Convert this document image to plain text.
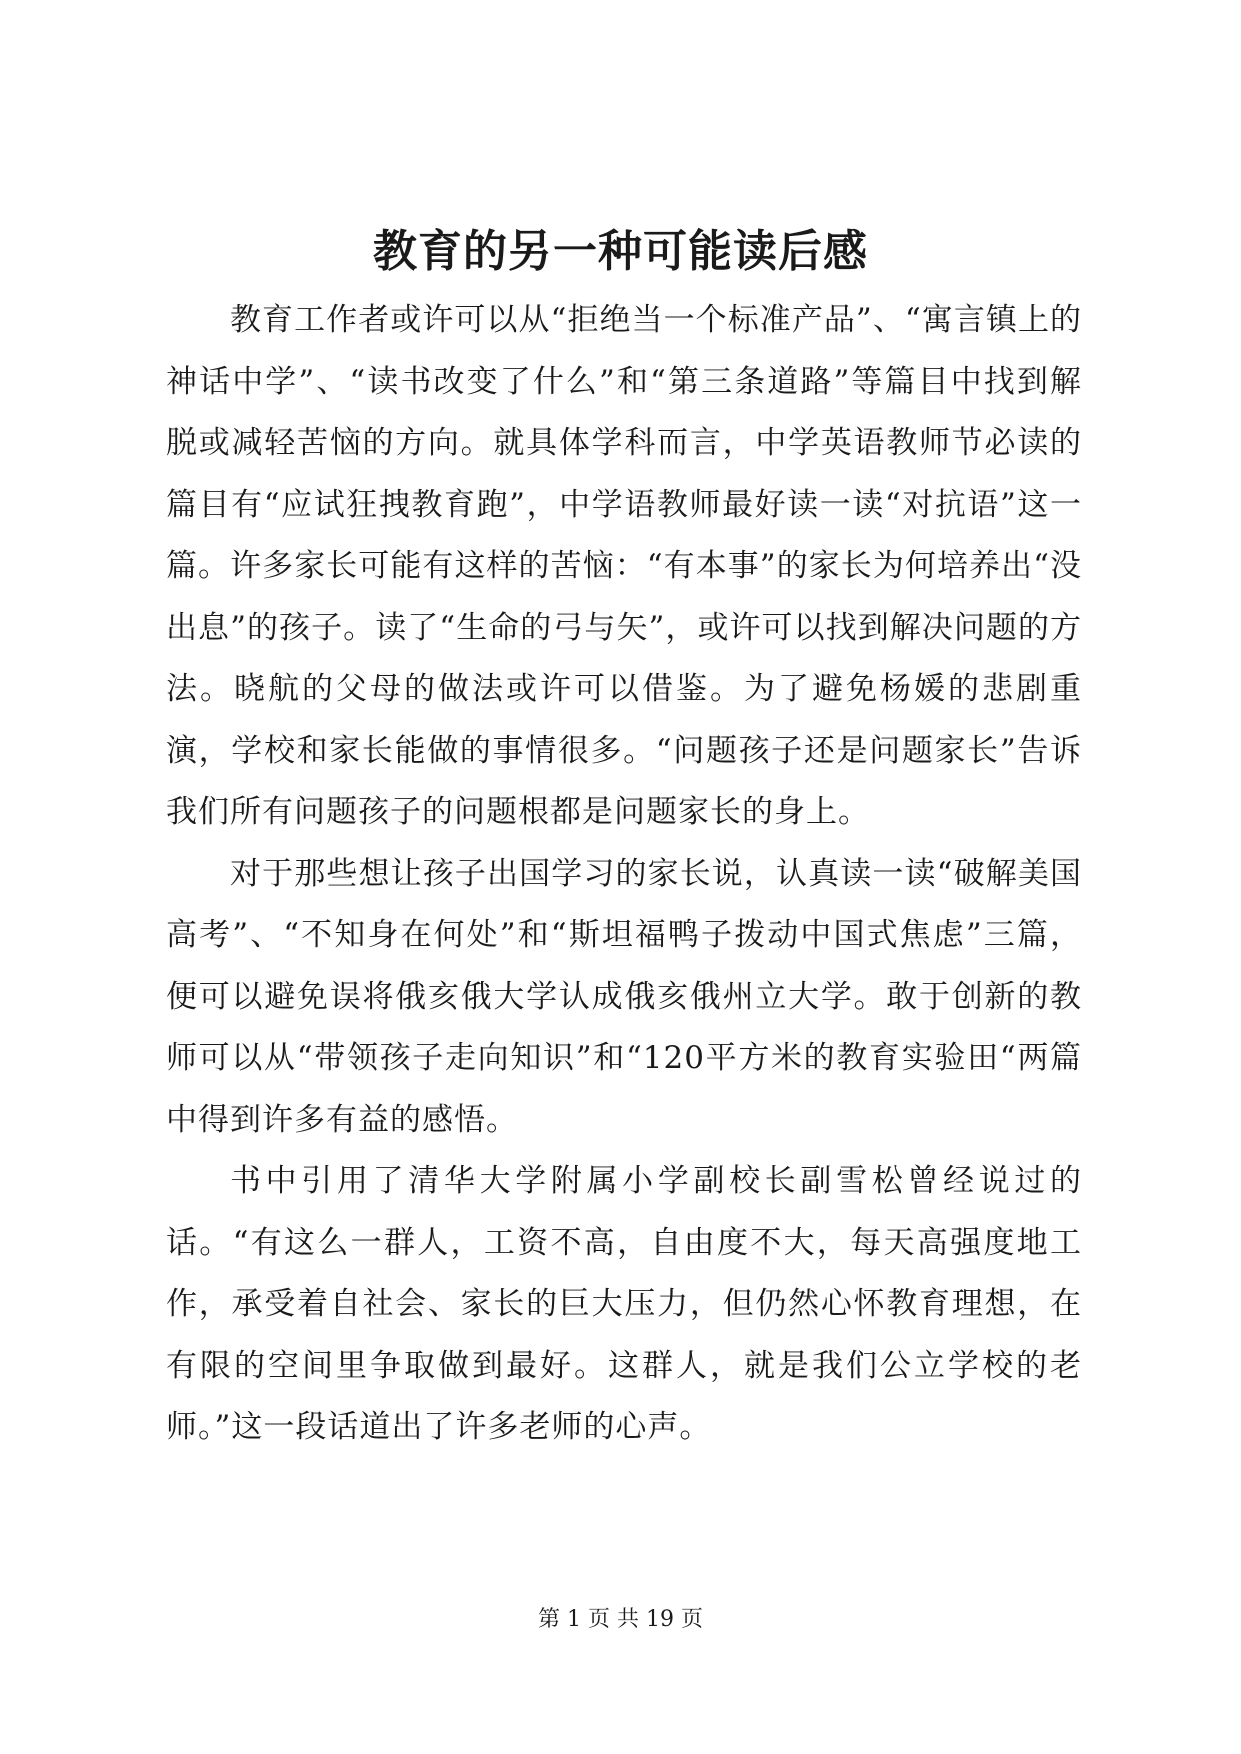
教育的另一种可能读后感

教育工作者或许可以从“拒绝当一个标准产品”、“寓言镇上的神话中学”、“读书改变了什么”和“第三条道路”等篇目中找到解脱或减轻苦恼的方向。就具体学科而言，中学英语教师节必读的篇目有“应试狂拽教育跑”，中学语教师最好读一读“对抗语”这一篇。许多家长可能有这样的苦恼：“有本事”的家长为何培养出“没出息”的孩子。读了“生命的弓与矢”，或许可以找到解决问题的方法。晓航的父母的做法或许可以借鉴。为了避免杨媛的悲剧重演，学校和家长能做的事情很多。“问题孩子还是问题家长”告诉我们所有问题孩子的问题根都是问题家长的身上。

对于那些想让孩子出国学习的家长说，认真读一读“破解美国高考”、“不知身在何处”和“斯坦福鸭子拨动中国式焦虑”三篇，便可以避免误将俄亥俄大学认成俄亥俄州立大学。敢于创新的教师可以从“带领孩子走向知识”和“120平方米的教育实验田“两篇中得到许多有益的感悟。

书中引用了清华大学附属小学副校长副雪松曾经说过的话。“有这么一群人，工资不高，自由度不大，每天高强度地工作，承受着自社会、家长的巨大压力，但仍然心怀教育理想，在有限的空间里争取做到最好。这群人，就是我们公立学校的老师。”这一段话道出了许多老师的心声。

第 1 页 共 19 页
